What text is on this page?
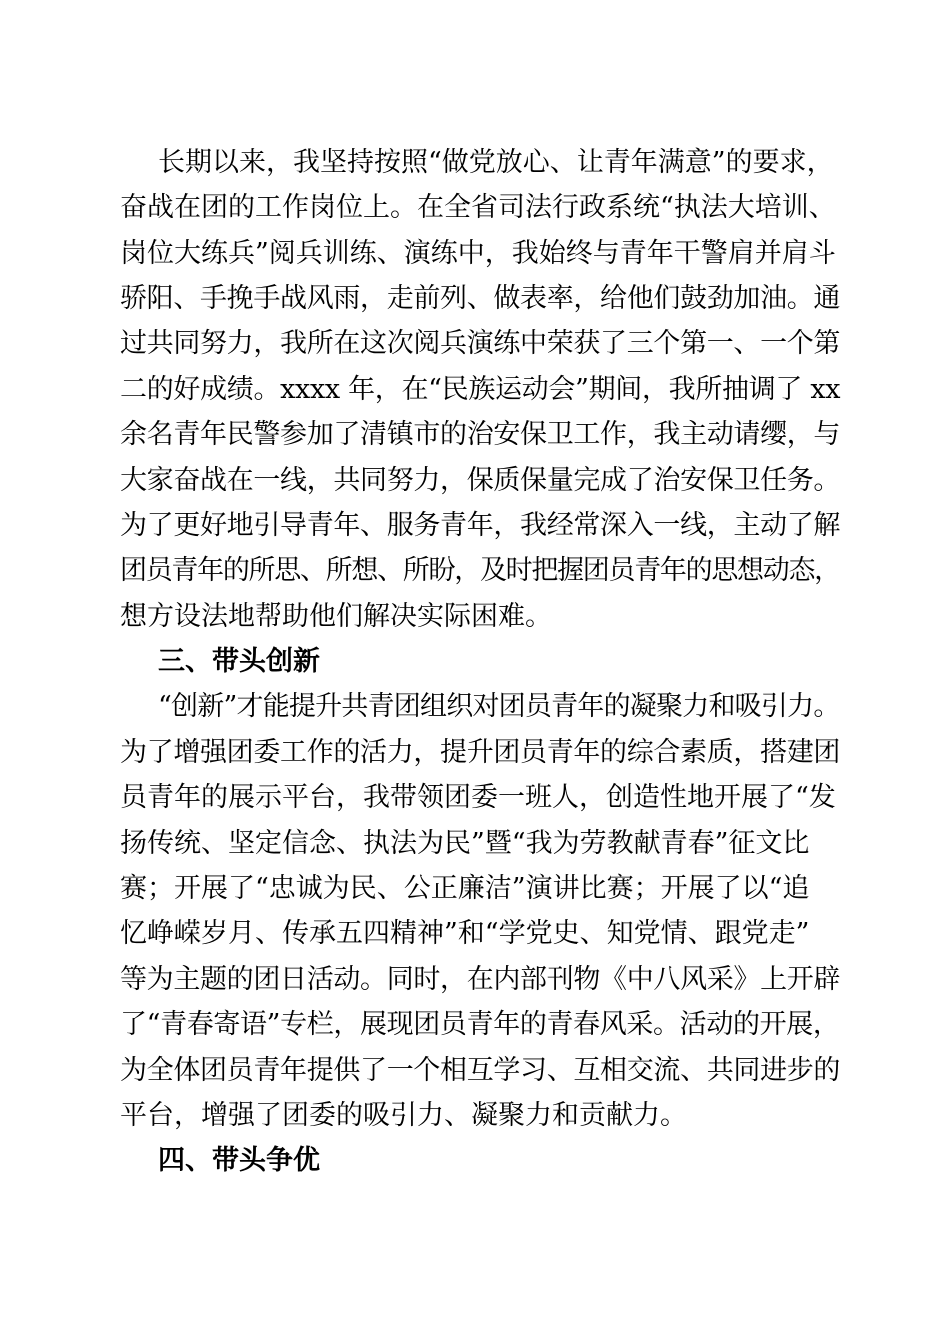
长期以来，我坚持按照“做党放心、让青年满意”的要求，
奋战在团的工作岗位上。在全省司法行政系统“执法大培训、
岗位大练兵”阅兵训练、演练中，我始终与青年干警肩并肩斗
骄阳、手挽手战风雨，走前列、做表率，给他们鼓劲加油。通
过共同努力，我所在这次阅兵演练中荣获了三个第一、一个第
二的好成绩。xxxx 年，在“民族运动会”期间，我所抽调了 xx
余名青年民警参加了清镇市的治安保卫工作，我主动请缨，与
大家奋战在一线，共同努力，保质保量完成了治安保卫任务。
为了更好地引导青年、服务青年，我经常深入一线，主动了解
团员青年的所思、所想、所盼，及时把握团员青年的思想动态，
想方设法地帮助他们解决实际困难。
三、带头创新
“创新”才能提升共青团组织对团员青年的凝聚力和吸引力。
为了增强团委工作的活力，提升团员青年的综合素质，搭建团
员青年的展示平台，我带领团委一班人，创造性地开展了“发
扬传统、坚定信念、执法为民”暨“我为劳教献青春”征文比
赛；开展了“忠诚为民、公正廉洁”演讲比赛；开展了以“追
忆峥嵘岁月、传承五四精神”和“学党史、知党情、跟党走”
等为主题的团日活动。同时，在内部刊物《中八风采》上开辟
了“青春寄语”专栏，展现团员青年的青春风采。活动的开展，
为全体团员青年提供了一个相互学习、互相交流、共同进步的
平台，增强了团委的吸引力、凝聚力和贡献力。
四、带头争优
